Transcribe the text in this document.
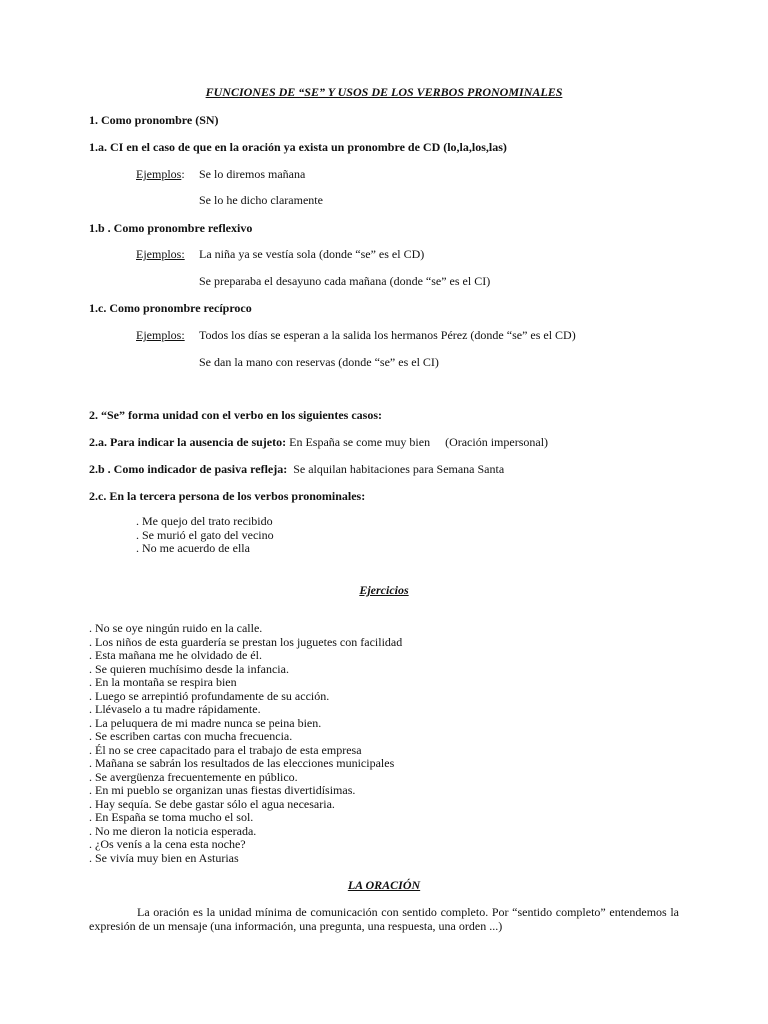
FUNCIONES DE “SE” Y USOS DE LOS VERBOS PRONOMINALES
1. Como pronombre (SN)
1.a. CI en el caso de que en la oración ya exista un pronombre de CD (lo,la,los,las)
Ejemplos: Se lo diremos mañana
Se lo he dicho claramente
1.b . Como pronombre reflexivo
Ejemplos: La niña ya se vestía sola (donde “se” es el CD)
Se preparaba el desayuno cada mañana (donde “se” es el CI)
1.c. Como pronombre recíproco
Ejemplos: Todos los días se esperan a la salida los hermanos Pérez (donde “se” es el CD)
Se dan la mano con reservas (donde “se” es el CI)
2. “Se” forma unidad con el verbo en los siguientes casos:
2.a. Para indicar la ausencia de sujeto: En España se come muy bien     (Oración impersonal)
2.b . Como indicador de pasiva refleja:  Se alquilan habitaciones para Semana Santa
2.c. En la tercera persona de los verbos pronominales:
. Me quejo del trato recibido
. Se murió el gato del vecino
. No me acuerdo de ella
Ejercicios
. No se oye ningún ruido en la calle.
. Los niños de esta guardería se prestan los juguetes con facilidad
. Esta mañana me he olvidado de él.
. Se quieren muchísimo desde la infancia.
. En la montaña se respira bien
. Luego se arrepintió profundamente de su acción.
. Llévaselo a tu madre rápidamente.
. La peluquera de mi madre nunca se peina bien.
. Se escriben cartas con mucha frecuencia.
. Él no se cree capacitado para el trabajo de esta empresa
. Mañana se sabrán los resultados de las elecciones municipales
. Se avergüenza frecuentemente en público.
. En mi pueblo se organizan unas fiestas divertidísimas.
. Hay sequía. Se debe gastar sólo el agua necesaria.
. En España se toma mucho el sol.
. No me dieron la noticia esperada.
. ¿Os venís a la cena esta noche?
. Se vivía muy bien en Asturias
LA ORACIÓN
La oración es la unidad mínima de comunicación con sentido completo. Por “sentido completo” entendemos la expresión de un mensaje (una información, una pregunta, una respuesta, una orden ...)
